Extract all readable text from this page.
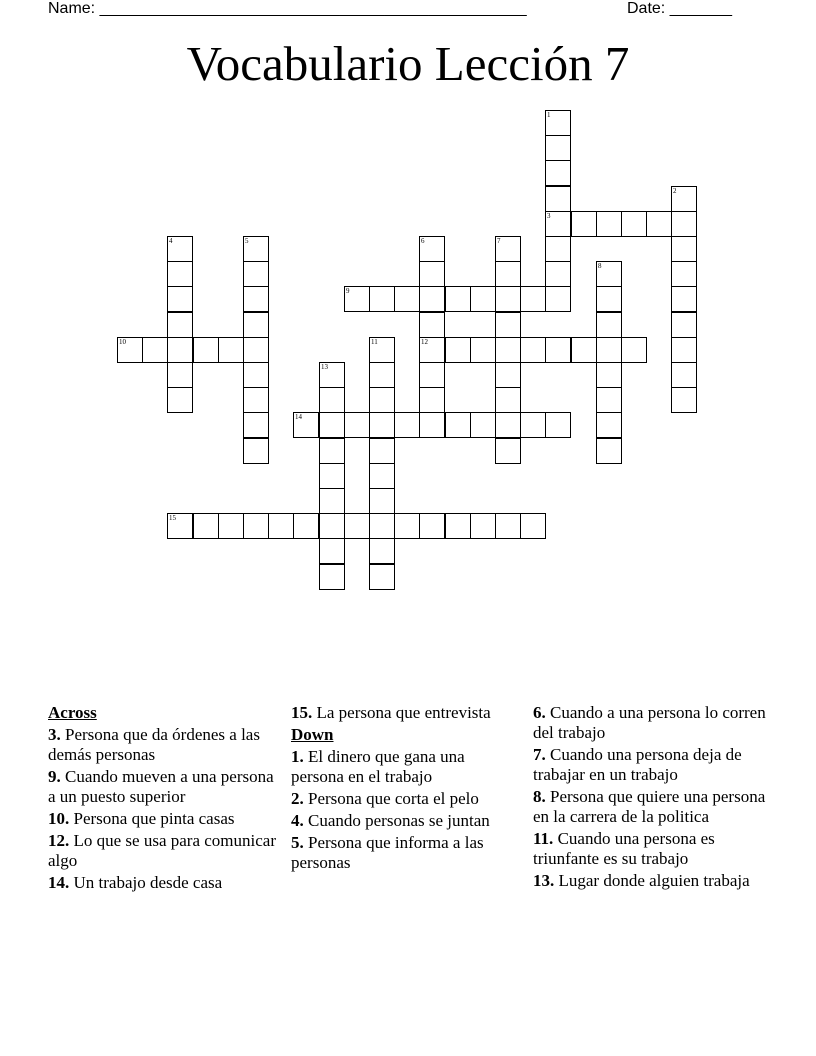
Name: ________________________________________________	Date: _______
Vocabulario Lección 7
1
3
2
4	5	6
12
7
8
9
10	11
13
14
15
Across
3. Persona que da órdenes a las demás personas
9. Cuando mueven a una persona a un puesto superior
10. Persona que pinta casas
12. Lo que se usa para comunicar algo
14. Un trabajo desde casa
15. La persona que entrevista
Down
1. El dinero que gana una persona en el trabajo
2. Persona que corta el pelo
4. Cuando personas se juntan
5. Persona que informa a las personas
6. Cuando a una persona lo corren del trabajo
7. Cuando una persona deja de trabajar en un trabajo
8. Persona que quiere una persona en la carrera de la politica
11. Cuando una persona es triunfante es su trabajo
13. Lugar donde alguien trabaja
